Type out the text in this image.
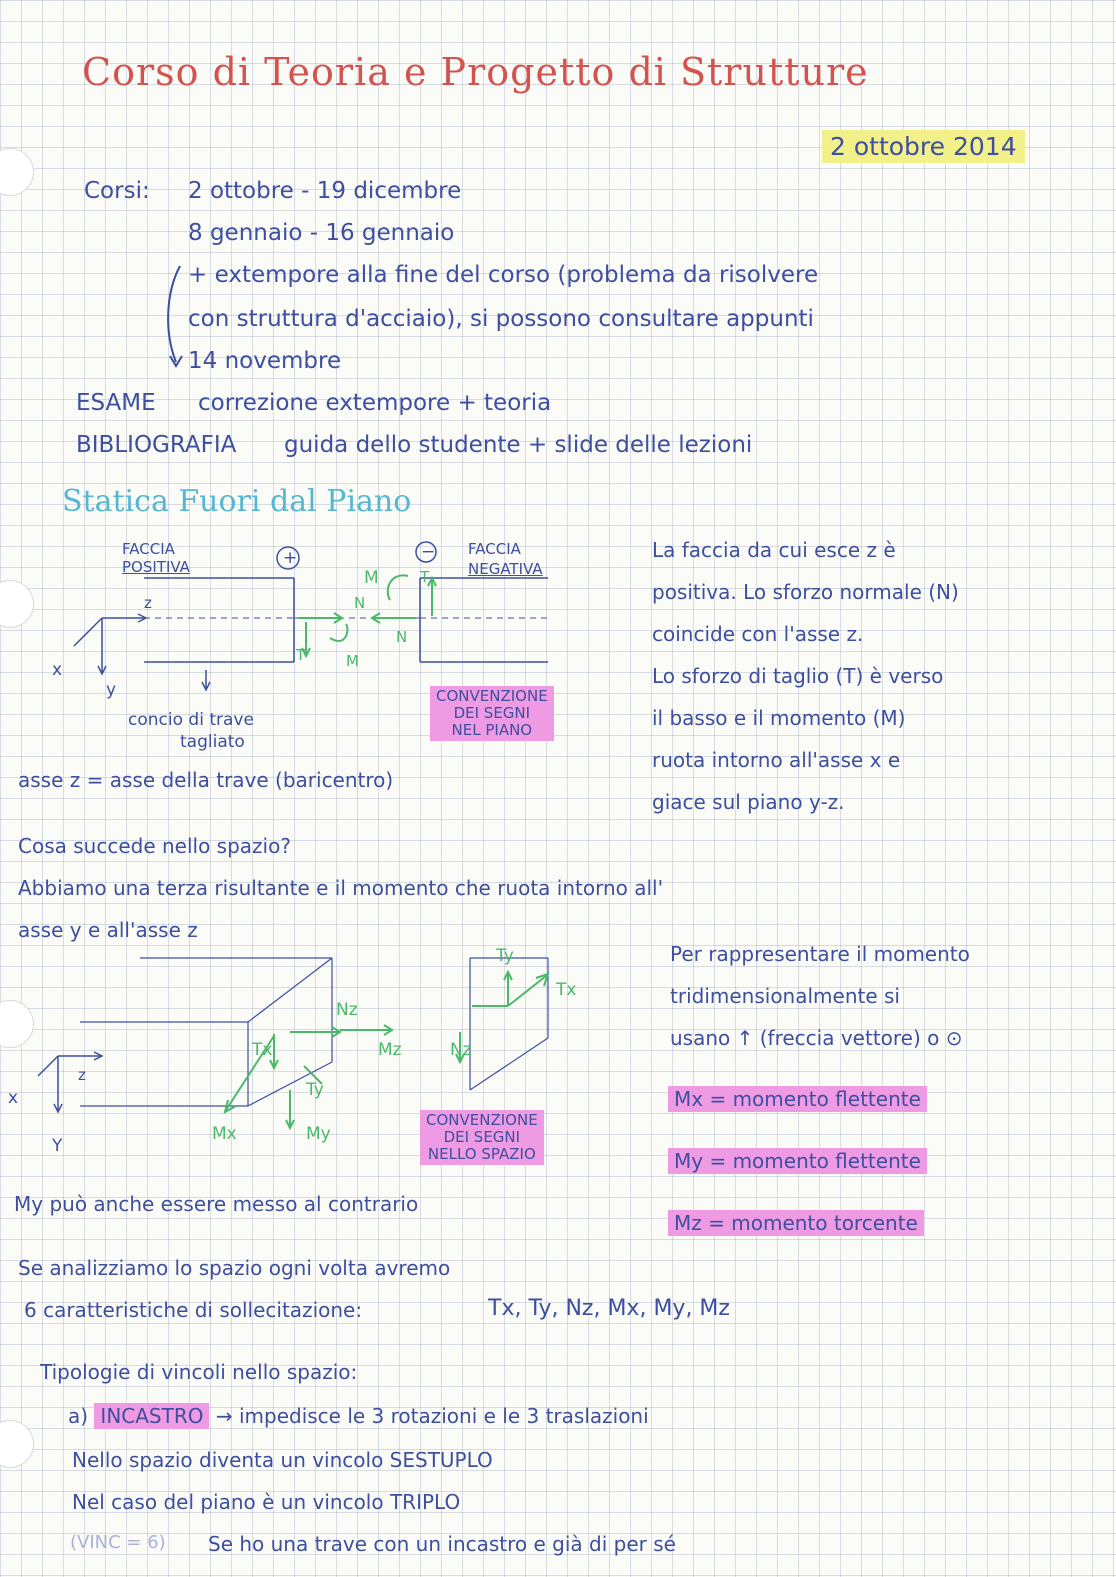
Corso di Teoria e Progetto di Strutture
2 ottobre 2014
Corsi: 2 ottobre - 19 dicembre
8 gennaio - 16 gennaio
+ extempore alla fine del corso (problema da risolvere
con struttura d'acciaio), si possono consultare appunti
14 novembre
ESAME correzione extempore + teoria
BIBLIOGRAFIA guida dello studente + slide delle lezioni
Statica Fuori dal Piano
FACCIA
POSITIVA	+	− FACCIA
NEGATIVA
z
x
y
M
N
N
T
T	M
concio di trave
tagliato
CONVENZIONE
DEI SEGNI
NEL PIANO
La faccia da cui esce z è
positiva. Lo sforzo normale (N)
coincide con l'asse z.
Lo sforzo di taglio (T) è verso
il basso e il momento (M)
ruota intorno all'asse x e
giace sul piano y-z.
asse z = asse della trave (baricentro)
Cosa succede nello spazio?
Abbiamo una terza risultante e il momento che ruota intorno all'
asse y e all'asse z
Ty
Tx
Nz
Mz	Nz
Tx
Ty
Mx	My
z
x
Y
CONVENZIONE
DEI SEGNI
NELLO SPAZIO
Per rappresentare il momento
tridimensionalmente si
usano ↑ (freccia vettore) o ⊙
Mx = momento flettente
My = momento flettente
Mz = momento torcente
My può anche essere messo al contrario
Se analizziamo lo spazio ogni volta avremo
6 caratteristiche di sollecitazione:	Tx, Ty, Nz, Mx, My, Mz
Tipologie di vincoli nello spazio:
a) INCASTRO → impedisce le 3 rotazioni e le 3 traslazioni
Nello spazio diventa un vincolo SESTUPLO
Nel caso del piano è un vincolo TRIPLO
(VINC = 6) Se ho una trave con un incastro e già di per sé
